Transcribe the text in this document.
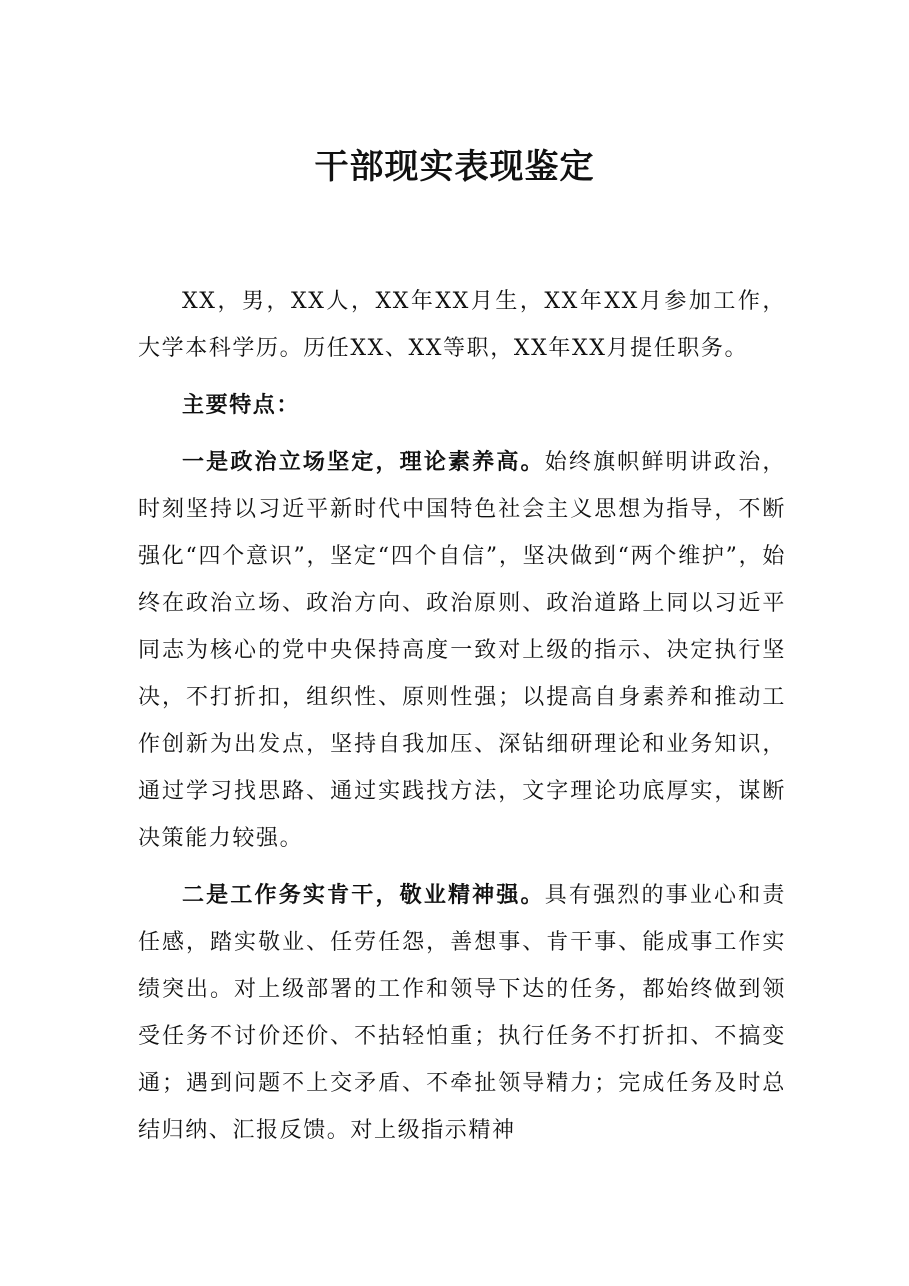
干部现实表现鉴定

XX，男，XX人，XX年XX月生，XX年XX月参加工作，大学本科学历。历任XX、XX等职，XX年XX月提任职务。

主要特点：

一是政治立场坚定，理论素养高。始终旗帜鲜明讲政治，时刻坚持以习近平新时代中国特色社会主义思想为指导，不断强化“四个意识”，坚定“四个自信”，坚决做到“两个维护”，始终在政治立场、政治方向、政治原则、政治道路上同以习近平同志为核心的党中央保持高度一致对上级的指示、决定执行坚决，不打折扣，组织性、原则性强；以提高自身素养和推动工作创新为出发点，坚持自我加压、深钻细研理论和业务知识，通过学习找思路、通过实践找方法，文字理论功底厚实，谋断决策能力较强。

二是工作务实肯干，敬业精神强。具有强烈的事业心和责任感，踏实敬业、任劳任怨，善想事、肯干事、能成事工作实绩突出。对上级部署的工作和领导下达的任务，都始终做到领受任务不讨价还价、不拈轻怕重；执行任务不打折扣、不搞变通；遇到问题不上交矛盾、不牵扯领导精力；完成任务及时总结归纳、汇报反馈。对上级指示精神
